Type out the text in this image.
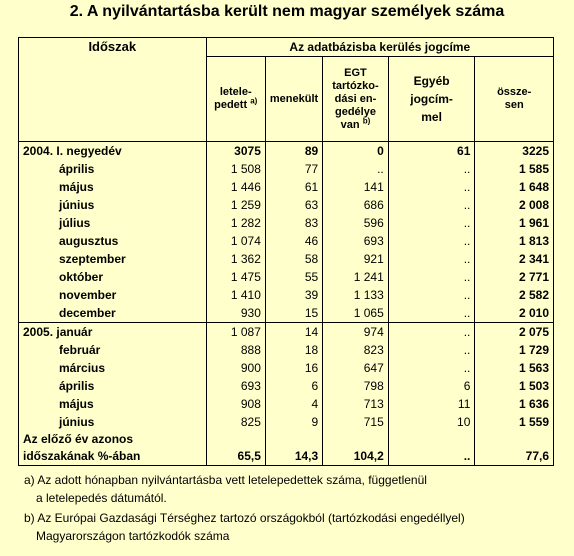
2. A nyilvántartásba került nem magyar személyek száma
Időszak	Az adatbázisba kerülés jogcíme				
	letele-
pedett $^{a)}$	menekült	EGT
tartózko-
dási en-
gedélye
van $^{b)}$	Egyéb
jogcím-
mel	össze-
sen
2004. I. negyedév	3075	89	0	61	3225
április	1 508	77	..	..	1 585
május	1 446	61	141	..	1 648
június	1 259	63	686	..	2 008
július	1 282	83	596	..	1 961
augusztus	1 074	46	693	..	1 813
szeptember	1 362	58	921	..	2 341
október	1 475	55	1 241	..	2 771
november	1 410	39	1 133	..	2 582
december	930	15	1 065	..	2 010
2005. január	1 087	14	974	..	2 075
február	888	18	823	..	1 729
március	900	16	647	..	1 563
április	693	6	798	6	1 503
május	908	4	713	11	1 636
június	825	9	715	10	1 559
Az előző év azonos
időszakának %-ában	65,5	14,3	104,2	..	77,6
a) Az adott hónapban nyilvántartásba vett letelepedettek száma, függetlenül
a letelepedés dátumától.
b) Az Európai Gazdasági Térséghez tartozó országokból (tartózkodási engedéllyel)
Magyarországon tartózkodók száma
